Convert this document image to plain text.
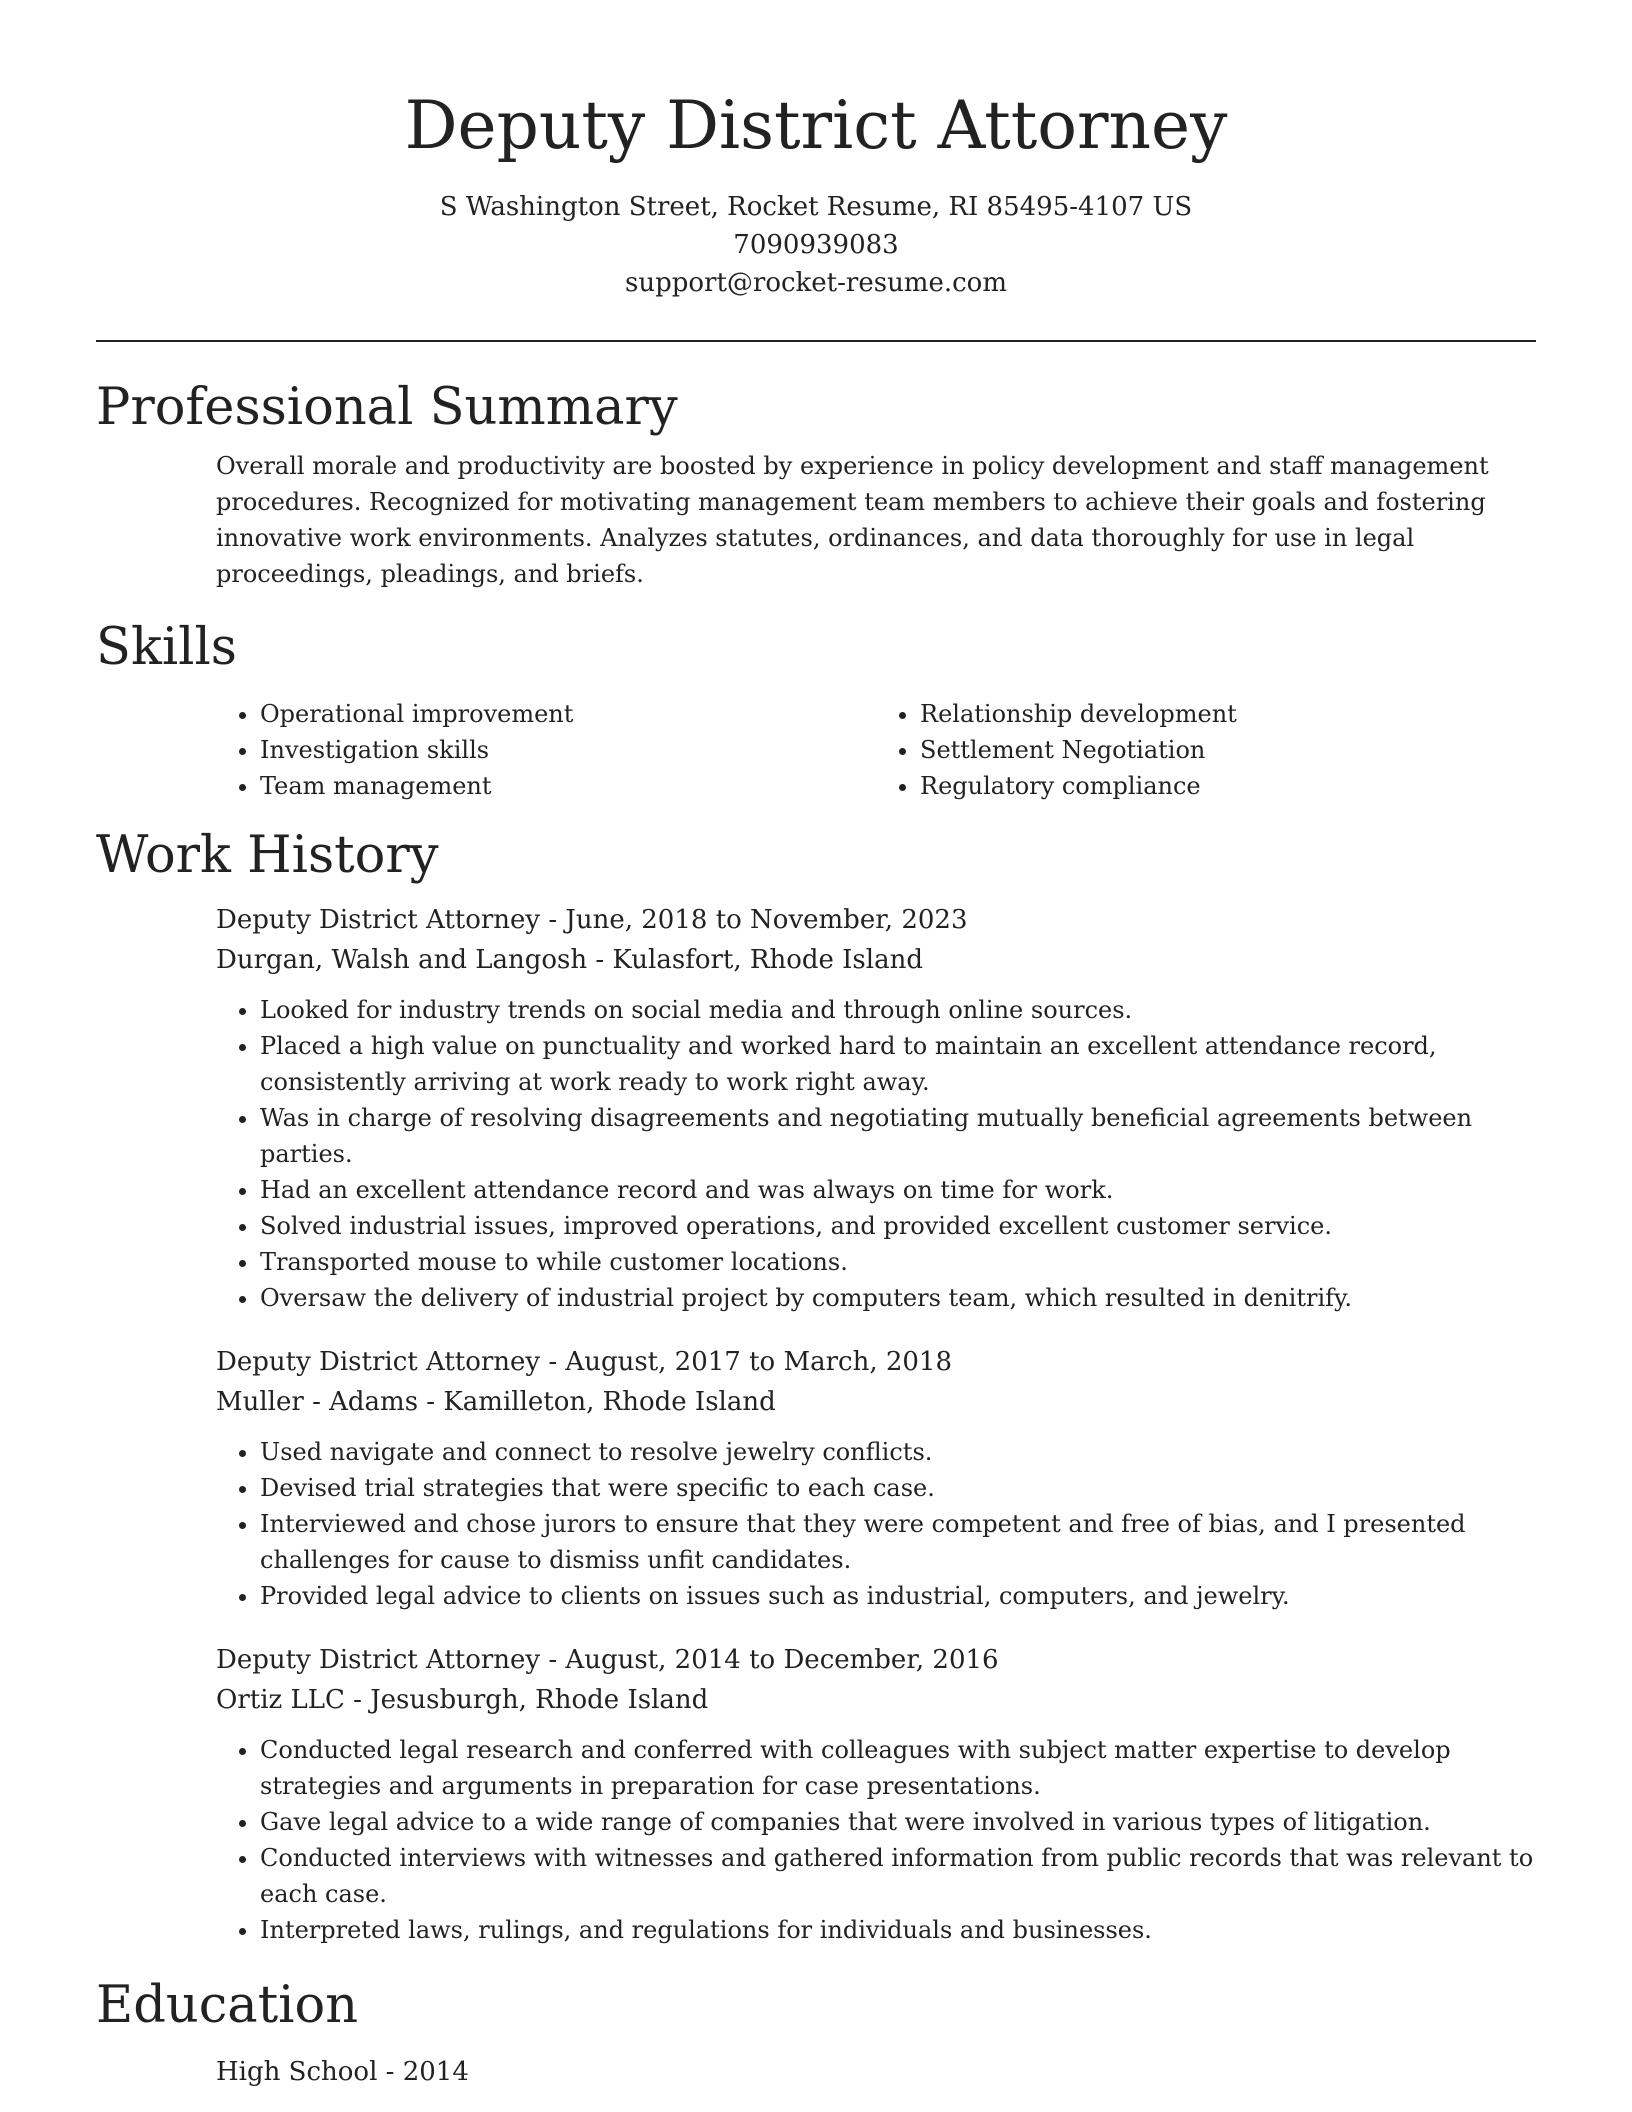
Deputy District Attorney
S Washington Street, Rocket Resume, RI 85495-4107 US
7090939083
support@rocket-resume.com
Professional Summary

Overall morale and productivity are boosted by experience in policy development and staff management procedures. Recognized for motivating management team members to achieve their goals and fostering innovative work environments. Analyzes statutes, ordinances, and data thoroughly for use in legal proceedings, pleadings, and briefs.

Skills
• Operational improvement
• Investigation skills
• Team management
• Relationship development
• Settlement Negotiation
• Regulatory compliance
Work History
Deputy District Attorney - June, 2018 to November, 2023
Durgan, Walsh and Langosh - Kulasfort, Rhode Island
• Looked for industry trends on social media and through online sources.
• Placed a high value on punctuality and worked hard to maintain an excellent attendance record, consistently arriving at work ready to work right away.
• Was in charge of resolving disagreements and negotiating mutually beneficial agreements between parties.
• Had an excellent attendance record and was always on time for work.
• Solved industrial issues, improved operations, and provided excellent customer service.
• Transported mouse to while customer locations.
• Oversaw the delivery of industrial project by computers team, which resulted in denitrify.
Deputy District Attorney - August, 2017 to March, 2018
Muller - Adams - Kamilleton, Rhode Island
• Used navigate and connect to resolve jewelry conflicts.
• Devised trial strategies that were specific to each case.
• Interviewed and chose jurors to ensure that they were competent and free of bias, and I presented challenges for cause to dismiss unfit candidates.
• Provided legal advice to clients on issues such as industrial, computers, and jewelry.
Deputy District Attorney - August, 2014 to December, 2016
Ortiz LLC - Jesusburgh, Rhode Island
• Conducted legal research and conferred with colleagues with subject matter expertise to develop strategies and arguments in preparation for case presentations.
• Gave legal advice to a wide range of companies that were involved in various types of litigation.
• Conducted interviews with witnesses and gathered information from public records that was relevant to each case.
• Interpreted laws, rulings, and regulations for individuals and businesses.
Education
High School - 2014
